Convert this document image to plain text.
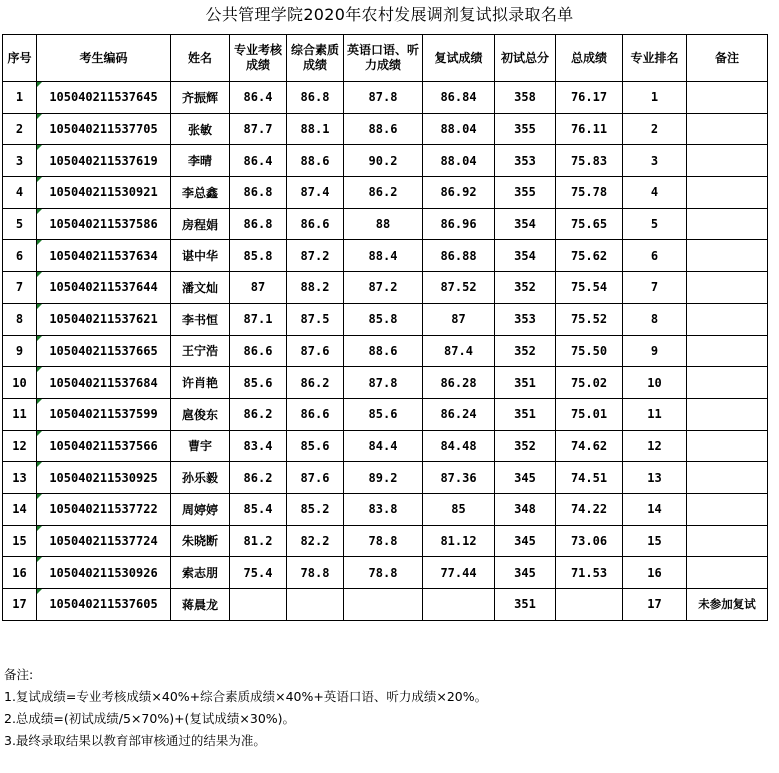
公共管理学院2020年农村发展调剂复试拟录取名单
序号	考生编码	姓名	专业考核成绩	综合素质成绩	英语口语、听力成绩	复试成绩	初试总分	总成绩	专业排名	备注
1	105040211537645	齐振辉	86.4	86.8	87.8	86.84	358	76.17	1	
2	105040211537705	张敏	87.7	88.1	88.6	88.04	355	76.11	2	
3	105040211537619	李晴	86.4	88.6	90.2	88.04	353	75.83	3	
4	105040211530921	李总鑫	86.8	87.4	86.2	86.92	355	75.78	4	
5	105040211537586	房程娟	86.8	86.6	88	86.96	354	75.65	5	
6	105040211537634	谌中华	85.8	87.2	88.4	86.88	354	75.62	6	
7	105040211537644	潘文灿	87	88.2	87.2	87.52	352	75.54	7	
8	105040211537621	李书恒	87.1	87.5	85.8	87	353	75.52	8	
9	105040211537665	王宁浩	86.6	87.6	88.6	87.4	352	75.50	9	
10	105040211537684	许肖艳	85.6	86.2	87.8	86.28	351	75.02	10	
11	105040211537599	扈俊东	86.2	86.6	85.6	86.24	351	75.01	11	
12	105040211537566	曹宇	83.4	85.6	84.4	84.48	352	74.62	12	
13	105040211530925	孙乐毅	86.2	87.6	89.2	87.36	345	74.51	13	
14	105040211537722	周婷婷	85.4	85.2	83.8	85	348	74.22	14	
15	105040211537724	朱晓断	81.2	82.2	78.8	81.12	345	73.06	15	
16	105040211530926	索志朋	75.4	78.8	78.8	77.44	345	71.53	16	
17	105040211537605	蒋晨龙					351		17	未参加复试
备注:
1.复试成绩=专业考核成绩×40%+综合素质成绩×40%+英语口语、听力成绩×20%。
2.总成绩=(初试成绩/5×70%)+(复试成绩×30%)。
3.最终录取结果以教育部审核通过的结果为准。
